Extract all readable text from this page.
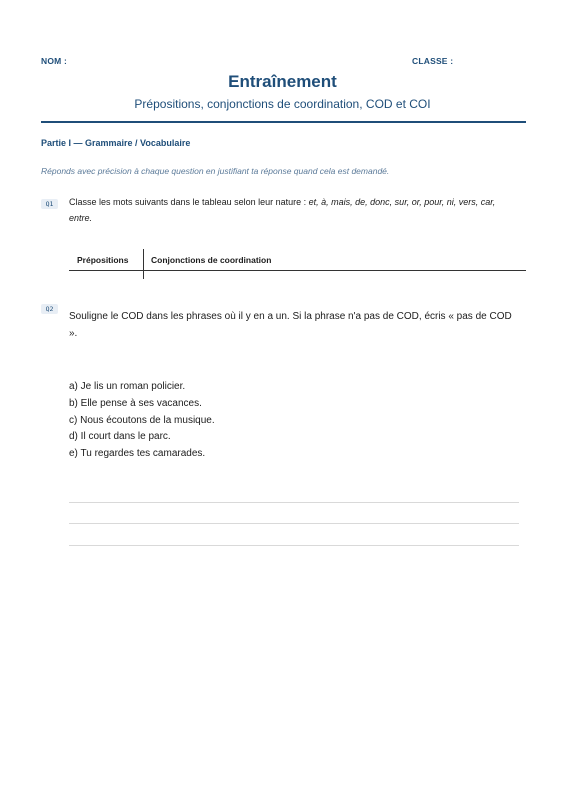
NOM :	CLASSE :
Entraînement
Prépositions, conjonctions de coordination, COD et COI
Partie I — Grammaire / Vocabulaire
Réponds avec précision à chaque question en justifiant ta réponse quand cela est demandé.
Q1	Classe les mots suivants dans le tableau selon leur nature : et, à, mais, de, donc, sur, or, pour, ni, vers, car, entre.
Prépositions	Conjonctions de coordination
Q2
Souligne le COD dans les phrases où il y en a un. Si la phrase n'a pas de COD, écris « pas de COD ».
a) Je lis un roman policier.
b) Elle pense à ses vacances.
c) Nous écoutons de la musique.
d) Il court dans le parc.
e) Tu regardes tes camarades.
